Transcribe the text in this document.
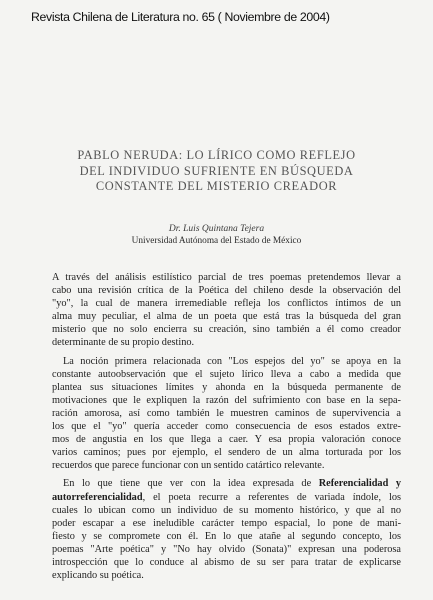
Revista Chilena de Literatura no. 65 ( Noviembre de 2004)
PABLO NERUDA: LO LÍRICO COMO REFLEJO
DEL INDIVIDUO SUFRIENTE EN BÚSQUEDA
CONSTANTE DEL MISTERIO CREADOR
Dr. Luis Quintana Tejera
Universidad Autónoma del Estado de México
A través del análisis estilístico parcial de tres poemas pretendemos llevar a
cabo una revisión crítica de la Poética del chileno desde la observación del
"yo", la cual de manera irremediable refleja los conflictos íntimos de un
alma muy peculiar, el alma de un poeta que está tras la búsqueda del gran
misterio que no solo encierra su creación, sino también a él como creador
determinante de su propio destino.
La noción primera relacionada con "Los espejos del yo" se apoya en la
constante autoobservación que el sujeto lírico lleva a cabo a medida que
plantea sus situaciones límites y ahonda en la búsqueda permanente de
motivaciones que le expliquen la razón del sufrimiento con base en la sepa-
ración amorosa, así como también le muestren caminos de supervivencia a
los que el "yo" quería acceder como consecuencia de esos estados extre-
mos de angustia en los que llega a caer. Y esa propia valoración conoce
varios caminos; pues por ejemplo, el sendero de un alma torturada por los
recuerdos que parece funcionar con un sentido catártico relevante.
En lo que tiene que ver con la idea expresada de Referencialidad y
autorreferencialidad, el poeta recurre a referentes de variada índole, los
cuales lo ubican como un individuo de su momento histórico, y que al no
poder escapar a ese ineludible carácter tempo espacial, lo pone de mani-
fiesto y se compromete con él. En lo que atañe al segundo concepto, los
poemas "Arte poética" y "No hay olvido (Sonata)" expresan una poderosa
introspección que lo conduce al abismo de su ser para tratar de explicarse
explicando su poética.
